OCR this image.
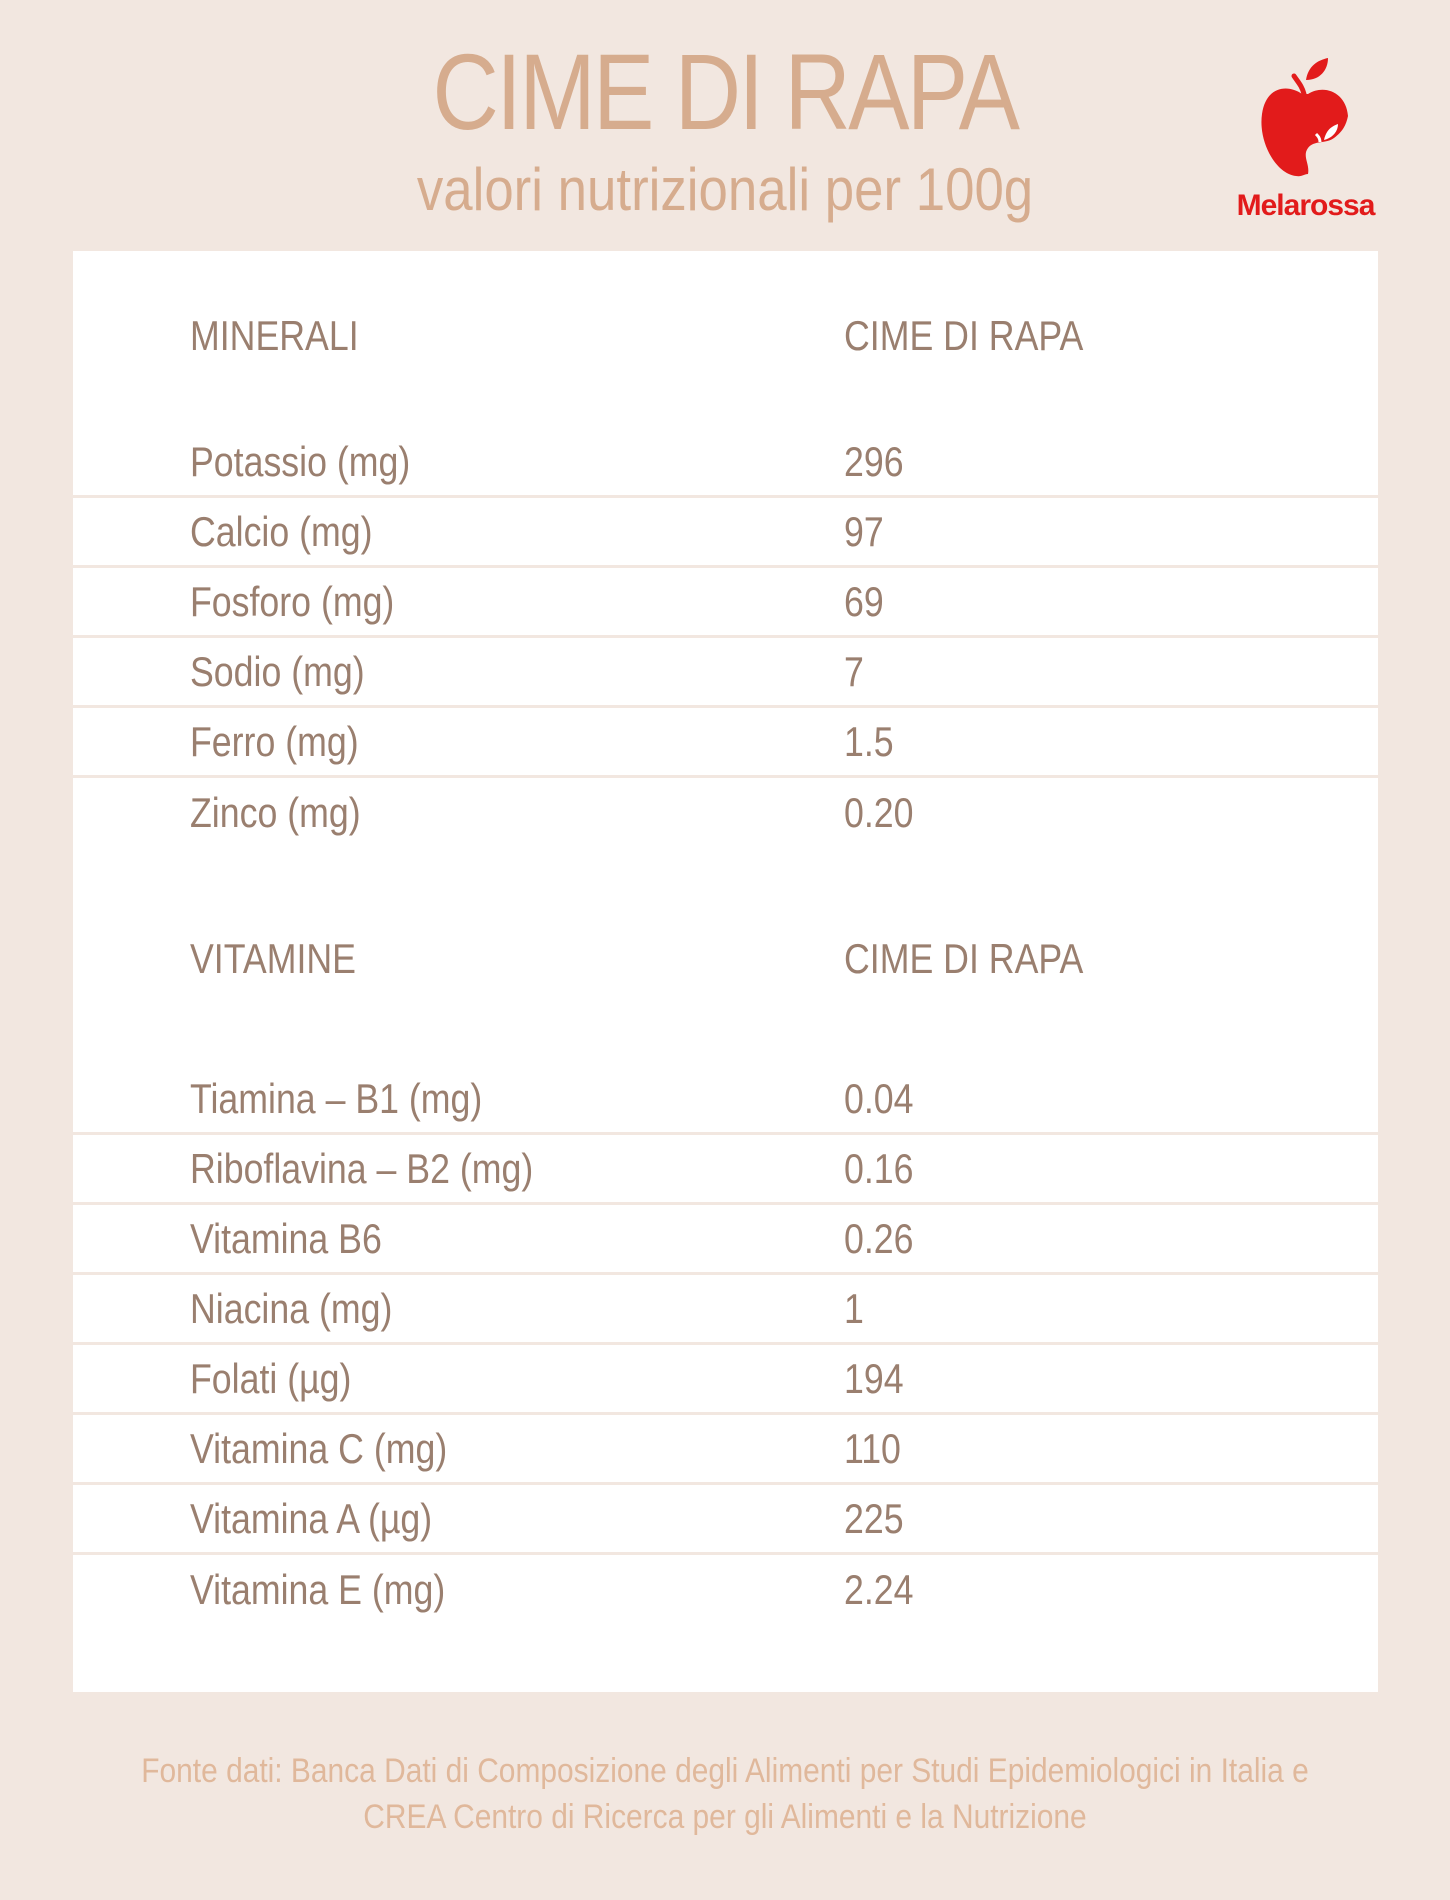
CIME DI RAPA
valori nutrizionali per 100g	Melarossa
MINERALI	CIME DI RAPA
Potassio (mg)	296
Calcio (mg)	97
Fosforo (mg)	69
Sodio (mg)	7
Ferro (mg)	1.5
Zinco (mg)	0.20
VITAMINE	CIME DI RAPA
Tiamina – B1 (mg)	0.04
Riboflavina – B2 (mg)	0.16
Vitamina B6	0.26
Niacina (mg)	1
Folati (µg)	194
Vitamina C (mg)	110
Vitamina A (µg)	225
Vitamina E (mg)	2.24
Fonte dati: Banca Dati di Composizione degli Alimenti per Studi Epidemiologici in Italia e
CREA Centro di Ricerca per gli Alimenti e la Nutrizione
